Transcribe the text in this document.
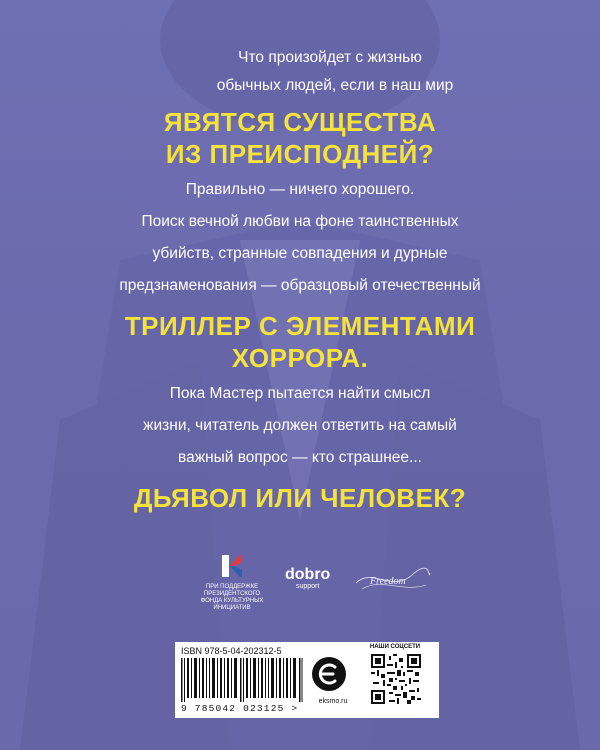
Что произойдет с жизнью

обычных людей, если в наш мир

ЯВЯТСЯ СУЩЕСТВА

ИЗ ПРЕИСПОДНЕЙ?

Правильно — ничего хорошего.

Поиск вечной любви на фоне таинственных

убийств, странные совпадения и дурные

предзнаменования — образцовый отечественный

ТРИЛЛЕР С ЭЛЕМЕНТАМИ

ХОРРОРА.

Пока Мастер пытается найти смысл

жизни, читатель должен ответить на самый

важный вопрос — кто страшнее...

ДЬЯВОЛ ИЛИ ЧЕЛОВЕК?

ПРИ ПОДДЕРЖКЕ ПРЕЗИДЕНТСКОГО ФОНДА КУЛЬТУРНЫХ ИНИЦИАТИВ
dobro
support	Freedom
ISBN 978-5-04-202312-5
9 785042 023125 >
eksmo.ru
НАШИ СОЦСЕТИ
